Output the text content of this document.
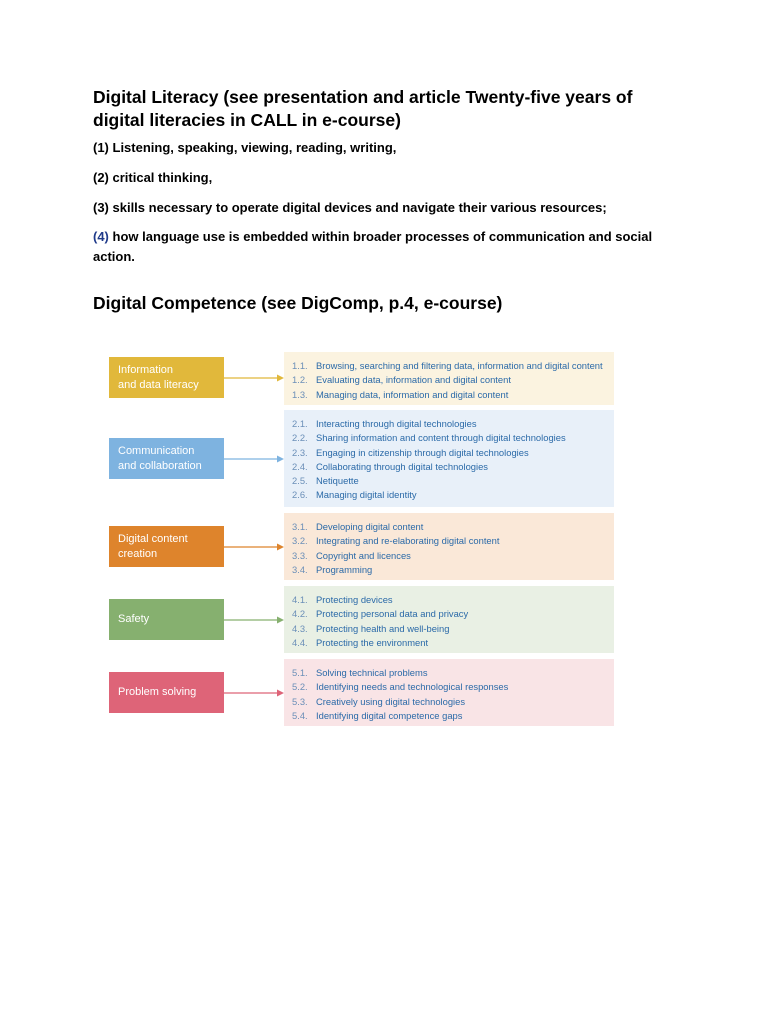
Digital Literacy (see presentation and article Twenty-five years of digital literacies in CALL in e-course)

(1) Listening, speaking, viewing, reading, writing,

(2) critical thinking,

(3) skills necessary to operate digital devices and navigate their various resources;

(4) how language use is embedded within broader processes of communication and social action.

Digital Competence (see DigComp, p.4, e-course)
Information
and data literacy
1.1. Browsing, searching and filtering data, information and digital content
1.2. Evaluating data, information and digital content
1.3. Managing data, information and digital content
Communication
and collaboration
2.1. Interacting through digital technologies
2.2. Sharing information and content through digital technologies
2.3. Engaging in citizenship through digital technologies
2.4. Collaborating through digital technologies
2.5. Netiquette
2.6. Managing digital identity
Digital content
creation
3.1. Developing digital content
3.2. Integrating and re-elaborating digital content
3.3. Copyright and licences
3.4. Programming
Safety
4.1. Protecting devices
4.2. Protecting personal data and privacy
4.3. Protecting health and well-being
4.4. Protecting the environment
Problem solving
5.1. Solving technical problems
5.2. Identifying needs and technological responses
5.3. Creatively using digital technologies
5.4. Identifying digital competence gaps
